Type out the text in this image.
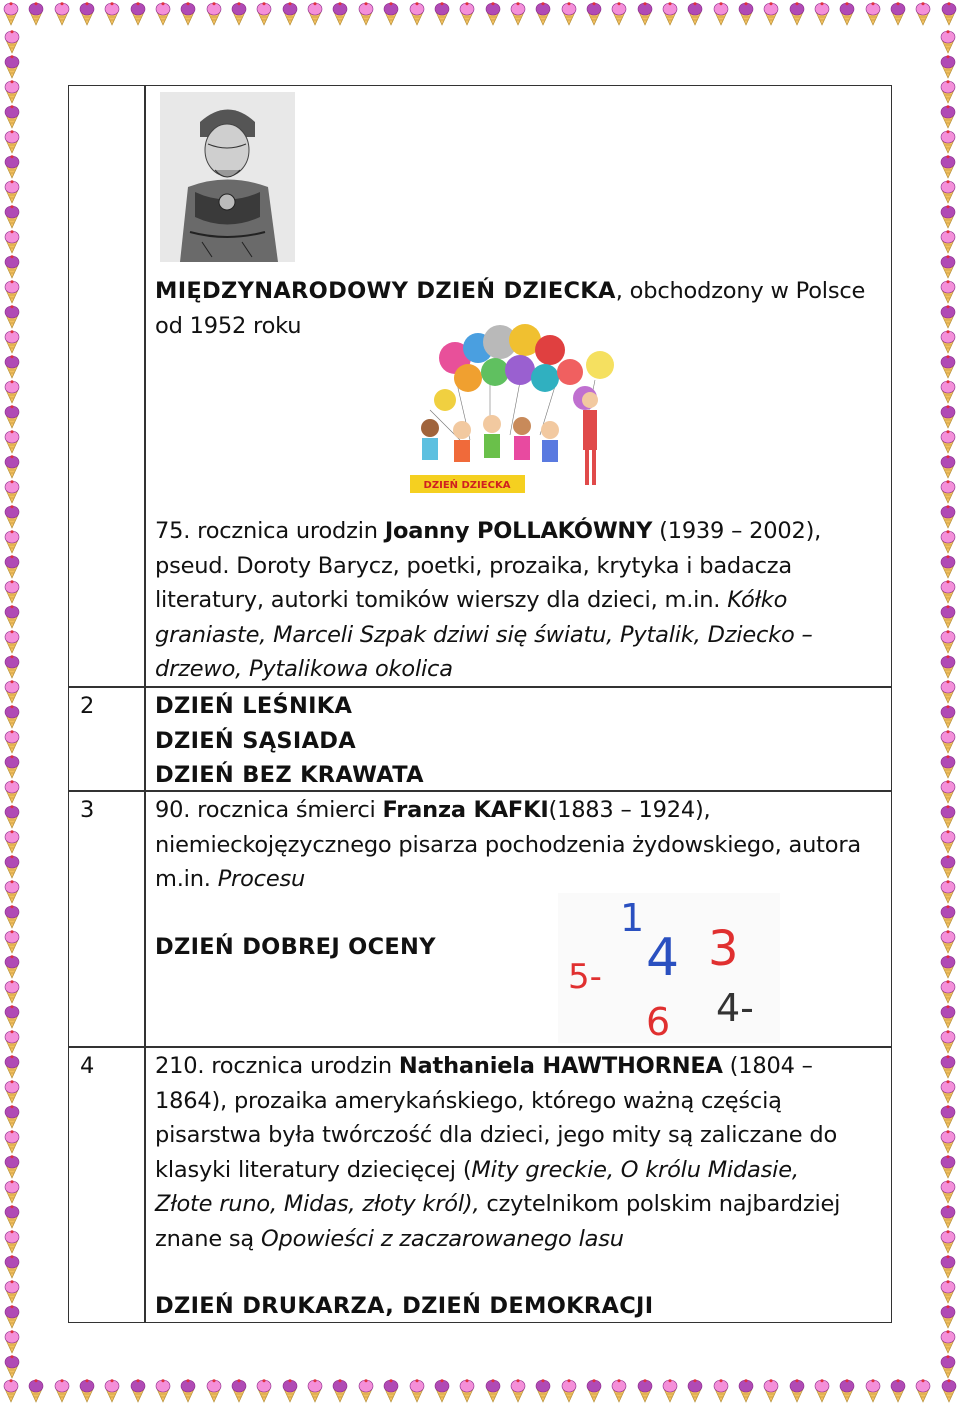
MIĘDZYNARODOWY DZIEŃ DZIECKA, obchodzony w Polsce
od 1952 roku
DZIEŃ DZIECKA
75. rocznica urodzin Joanny POLLAKÓWNY (1939 – 2002),
pseud. Doroty Barycz, poetki, prozaika, krytyka i badacza
literatury, autorki tomików wierszy dla dzieci, m.in. Kółko
graniaste, Marceli Szpak dziwi się światu, Pytalik, Dziecko –
drzewo, Pytalikowa okolica
2	DZIEŃ LEŚNIKA
DZIEŃ SĄSIADA
DZIEŃ BEZ KRAWATA
3	90. rocznica śmierci Franza KAFKI(1883 – 1924),
niemieckojęzycznego pisarza pochodzenia żydowskiego, autora
m.in. Procesu
DZIEŃ DOBREJ OCENY
1
5- 4 3
6 4-
4	210. rocznica urodzin Nathaniela HAWTHORNEA (1804 –
1864), prozaika amerykańskiego, którego ważną częścią
pisarstwa była twórczość dla dzieci, jego mity są zaliczane do
klasyki literatury dziecięcej (Mity greckie, O królu Midasie,
Złote runo, Midas, złoty król), czytelnikom polskim najbardziej
znane są Opowieści z zaczarowanego lasu
DZIEŃ DRUKARZA, DZIEŃ DEMOKRACJI
